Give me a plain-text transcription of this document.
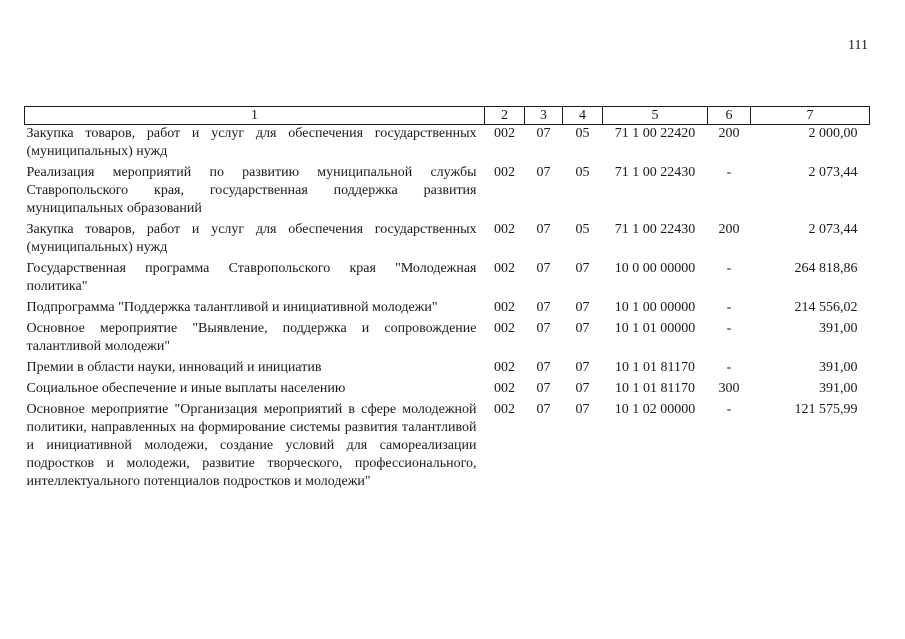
111
1	2	3	4	5	6	7
Закупка товаров, работ и услуг для обеспечения государственных (муниципальных) нужд	002	07	05	71 1 00 22420	200	2 000,00
Реализация мероприятий по развитию муниципальной службы Ставропольского края, государственная поддержка развития муниципальных образований	002	07	05	71 1 00 22430	-	2 073,44
Закупка товаров, работ и услуг для обеспечения государственных (муниципальных) нужд	002	07	05	71 1 00 22430	200	2 073,44
Государственная программа Ставропольского края "Молодежная политика"	002	07	07	10 0 00 00000	-	264 818,86
Подпрограмма "Поддержка талантливой и инициативной молодежи"	002	07	07	10 1 00 00000	-	214 556,02
Основное мероприятие "Выявление, поддержка и сопровождение талантливой молодежи"	002	07	07	10 1 01 00000	-	391,00
Премии в области науки, инноваций и инициатив	002	07	07	10 1 01 81170	-	391,00
Социальное обеспечение и иные выплаты населению	002	07	07	10 1 01 81170	300	391,00
Основное мероприятие "Организация мероприятий в сфере молодежной политики, направленных на формирование системы развития талантливой и инициативной молодежи, создание условий для самореализации подростков и молодежи, развитие творческого, профессионального, интеллектуального потенциалов подростков и молодежи"	002	07	07	10 1 02 00000	-	121 575,99
